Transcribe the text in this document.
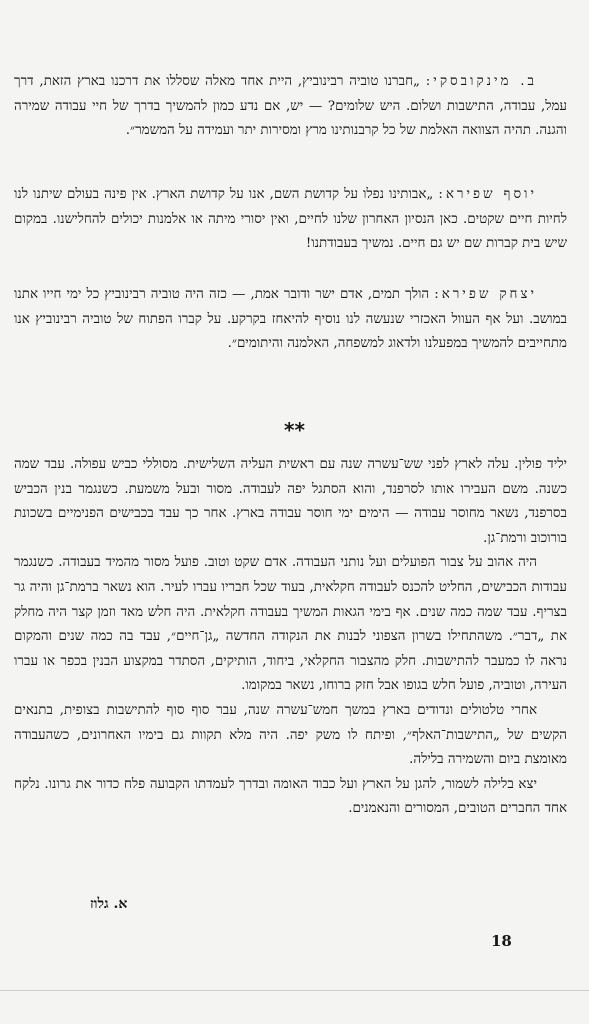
ב. מינקובסקי: „חברנו טוביה רבינוביץ, היית אחד מאלה שסללו את דרכנו בארץ הזאת, דרך עמל, עבודה, התישבות ושלום. היש שלומים? — יש, אם נדע כמון להמשיך בדרך של חיי עבודה שמירה והגנה. תהיה הצוואה האלמת של כל קרבנותינו מרץ ומסירות יתר ועמידה על המשמר״.

יוסף שפירא: „אבותינו נפלו על קדושת השם, אנו על קדושת הארץ. אין פינה בעולם שיתנו לנו לחיות חיים שקטים. כאן הנסיון האחרון שלנו לחיים, ואין יסורי מיתה או אלמנות יכולים להחלישנו. במקום שיש בית קברות שם יש גם חיים. נמשיך בעבודתנו!

יצחק שפירא: הולך תמים, אדם ישר ודובר אמת, — כזה היה טוביה רבינוביץ כל ימי חייו אתנו במושב. ועל אף העוול האכזרי שנעשה לנו נוסיף להיאחז בקרקע. על קברו הפתוח של טוביה רבינוביץ אנו מתחייבים להמשיך במפעלנו ולדאוג למשפחה, האלמנה והיתומים״.

**

יליד פולין. עלה לארץ לפני שש־עשרה שנה עם ראשית העליה השלישית. מסוללי כביש עפולה. עבד שמה כשנה. משם העבירו אותו לסרפנד, והוא הסתגל יפה לעבודה. מסור ובעל משמעת. כשנגמר בנין הכביש בסרפנד, נשאר מחוסר עבודה — הימים ימי חוסר עבודה בארץ. אחר כך עבד בכבישים הפנימיים בשכונת בורוכוב ורמת־גן.

היה אהוב על צבור הפועלים ועל נותני העבודה. אדם שקט וטוב. פועל מסור מהמיד בעבודה. כשנגמר עבודות הכבישים, החליט להכנס לעבודה חקלאית, בעוד שכל חבריו עברו לעיר. הוא נשאר ברמת־גן והיה גר בצריף. עבד שמה כמה שנים. אף בימי הגאות המשיך בעבודה חקלאית. היה חלש מאד וזמן קצר היה מחלק את „דבר״. משהתחילו בשרון הצפוני לבנות את הנקודה החדשה „גן־חיים״, עבד בה כמה שנים והמקום נראה לו כמעבר להתישבות. חלק מהצבור החקלאי, ביחוד, הותיקים, הסתדר במקצוע הבנין בכפר או עברו העירה, וטוביה, פועל חלש בגופו אבל חזק ברוחו, נשאר במקומו.

אחרי טלטולים ונדודים בארץ במשך חמש־עשרה שנה, עבר סוף סוף להתישבות בצופית, בתנאים הקשים של „התישבות־האלף״, ופיתח לו משק יפה. היה מלא תקוות גם בימיו האחרונים, כשהעבודה מאומצת ביום והשמירה בלילה.

יצא בלילה לשמור, להגן על הארץ ועל כבוד האומה ובדרך לעמדתו הקבועה פלח כדור את גרונו. נלקח אחד החברים הטובים, המסורים והנאמנים.

א. גלוז
18
